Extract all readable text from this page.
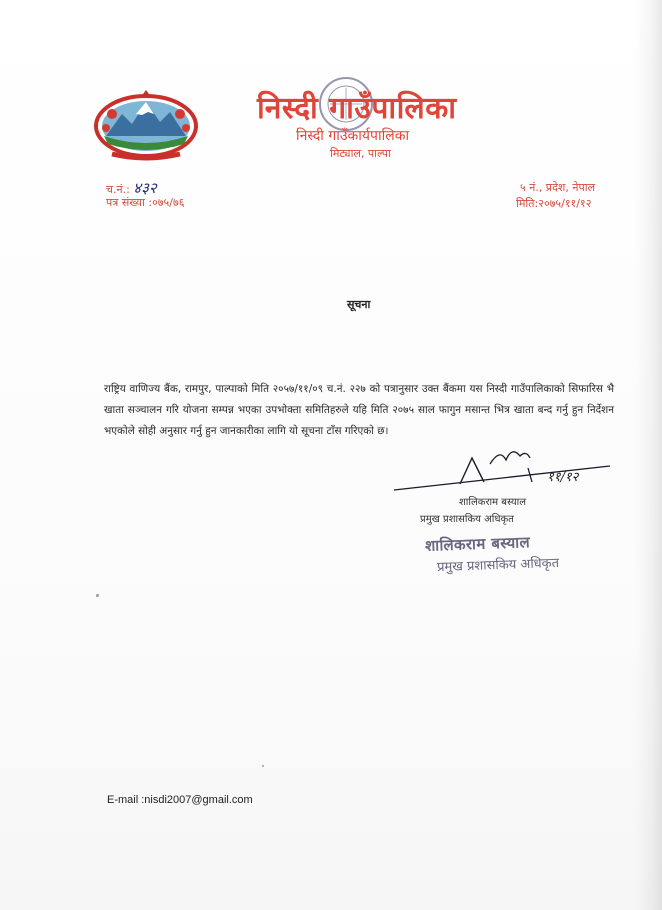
निस्दी गाउँपालिका
निस्दी गाउँकार्यपालिका
मिट्याल, पाल्पा
च.नं.: ४३२
पत्र संख्या :०७५/७६
५ नं., प्रदेश, नेपाल
मिति:२०७५/११/१२
सूचना
राष्ट्रिय वाणिज्य बैंक, रामपुर, पाल्पाको मिति २०५७/११/०९ च.नं. २२७ को पत्रानुसार उक्त बैंकमा यस निस्दी गाउँपालिकाको सिफारिस भै खाता सञ्चालन गरि योजना सम्पन्न भएका उपभोक्ता समितिहरुले यहि मिति २०७५ साल फागुन मसान्त भित्र खाता बन्द गर्नु हुन निर्देशन भएकोले सोही अनुसार गर्नु हुन जानकारीका लागि यो सूचना टाँस गरिएको छ।
११/१२
शालिकराम बस्याल
प्रमुख प्रशासकिय अधिकृत
शालिकराम बस्याल
प्रमुख प्रशासकिय अधिकृत
E-mail :nisdi2007@gmail.com
